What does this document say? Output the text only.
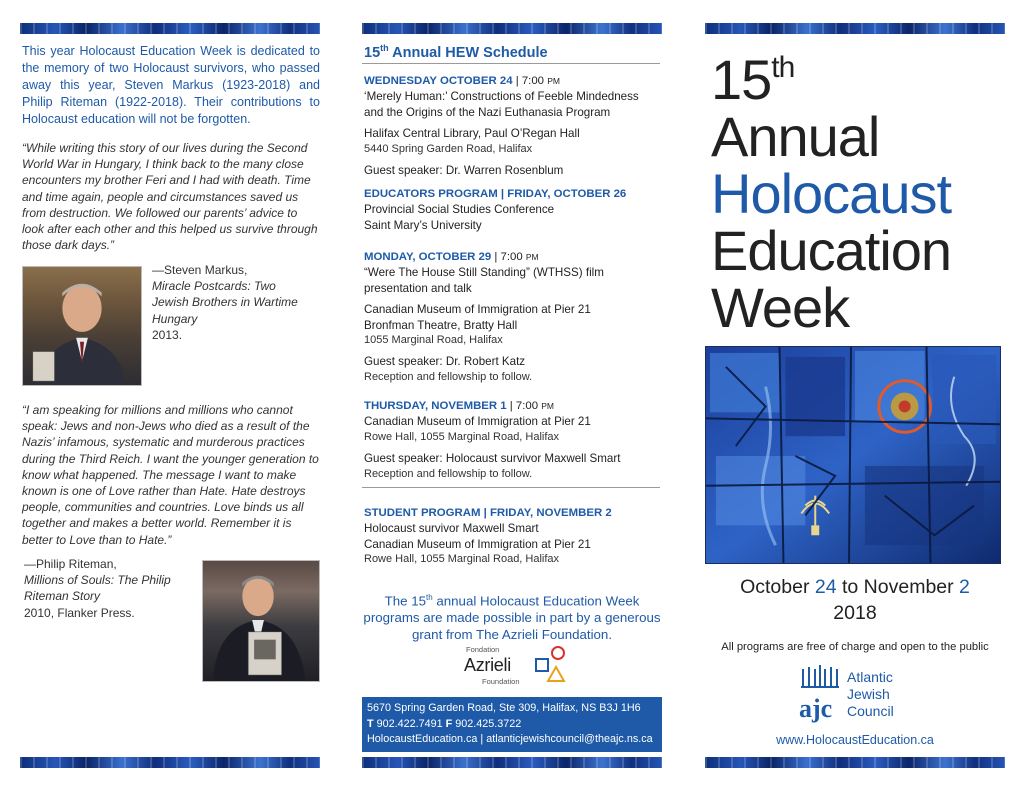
This year Holocaust Education Week is dedicated to the memory of two Holocaust survivors, who passed away this year, Steven Markus (1923-2018) and Philip Riteman (1922-2018). Their contributions to Holocaust education will not be forgotten.

“While writing this story of our lives during the Second World War in Hungary, I think back to the many close encounters my brother Feri and I had with death. Time and time again, people and circumstances saved us from destruction. We followed our parents’ advice to look after each other and this helped us survive through those dark days.”

—Steven Markus,
Miracle Postcards: Two Jewish Brothers in Wartime Hungary
2013.

“I am speaking for millions and millions who cannot speak: Jews and non-Jews who died as a result of the Nazis’ infamous, systematic and murderous practices during the Third Reich. I want the younger generation to know what happened. The message I want to make known is one of Love rather than Hate. Hate destroys people, communities and countries. Love binds us all together and makes a better world. Remember it is better to Love than to Hate.”

—Philip Riteman,
Millions of Souls: The Philip Riteman Story
2010, Flanker Press.
15th Annual HEW Schedule
WEDNESDAY OCTOBER 24 | 7:00 PM
‘Merely Human:’ Constructions of Feeble Mindedness and the Origins of the Nazi Euthanasia Program
Halifax Central Library, Paul O’Regan Hall
5440 Spring Garden Road, Halifax
Guest speaker: Dr. Warren Rosenblum
EDUCATORS PROGRAM | FRIDAY, OCTOBER 26
Provincial Social Studies Conference
Saint Mary’s University
MONDAY, OCTOBER 29 | 7:00 PM
“Were The House Still Standing” (WTHSS) film presentation and talk
Canadian Museum of Immigration at Pier 21
Bronfman Theatre, Bratty Hall
1055 Marginal Road, Halifax
Guest speaker: Dr. Robert Katz
Reception and fellowship to follow.
THURSDAY, NOVEMBER 1 | 7:00 PM
Canadian Museum of Immigration at Pier 21
Rowe Hall, 1055 Marginal Road, Halifax
Guest speaker: Holocaust survivor Maxwell Smart
Reception and fellowship to follow.
STUDENT PROGRAM | FRIDAY, NOVEMBER 2
Holocaust survivor Maxwell Smart
Canadian Museum of Immigration at Pier 21
Rowe Hall, 1055 Marginal Road, Halifax

The 15th annual Holocaust Education Week programs are made possible in part by a generous grant from The Azrieli Foundation.

Fondation
Azrieli
Foundation
5670 Spring Garden Road, Ste 309, Halifax, NS B3J 1H6
T 902.422.7491 F 902.425.3722
HolocaustEducation.ca | atlanticjewishcouncil@theajc.ns.ca
15th
Annual
Holocaust
Education
Week
October 24 to November 2
2018
All programs are free of charge and open to the public
ajc
Atlantic
Jewish
Council
www.HolocaustEducation.ca
